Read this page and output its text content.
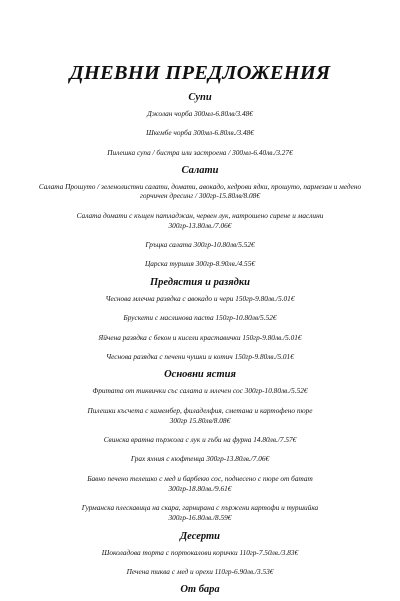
ДНЕВНИ ПРЕДЛОЖЕНИЯ
Супи
Джолан чорба 300мл-6.80лв/3.48€
Шкембе чорба 300мл-6.80лв./3.48€
Пилешка супа / бистра или застроена / 300мл-6.40лв./3.27€
Салати
Салата Прошуто / зеленолистни салати, домати, авокадо, кедрови ядки, прошуто, пармезан и медено горчичен дресинг / 300гр-15.80лв/8.08€
Салата домати с къщен патладжан, червен лук, натрошено сирене и маслини
300гр-13.80лв./7.06€
Гръцка салата 300гр-10.80лв/5.52€
Царска туршия 300гр-8.90лв./4.55€
Предястия и разядки
Чеснова млечна разядка с авокадо и чери 150гр-9.80лв./5.01€
Брускети с маслинова паста 150гр-10.80лв/5.52€
Яйчена разядка с бекон и кисели краставички 150гр-9.80лв./5.01€
Чеснова разядка с печени чушки и котич 150гр-9.80лв./5.01€
Основни ястия
Фритата от тиквички със салата и млечен сос 300гр-10.80лв./5.52€
Пилешки късчета с камембер, филаделфия, сметана и картофено пюре
300гр 15.80лв/8.08€
Свинска вратна пържола с лук и гъби на фурна 14.80лв./7.57€
Грах яхния с кюфтенца 300гр-13.80лв./7.06€
Бавно печено телешко с мед и барбекю сос, поднесено с пюре от батат
300гр-18.80лв./9.61€
Гурманска плескавица на скара, гарнирана с пържени картофи и туршийка
300гр-16.80лв./8.59€
Десерти
Шоколадова торта с портокалови корички 110гр-7.50лв./3.83€
Печена тиква с мед и орехи 110гр-6.90лв./3.53€
От бара
